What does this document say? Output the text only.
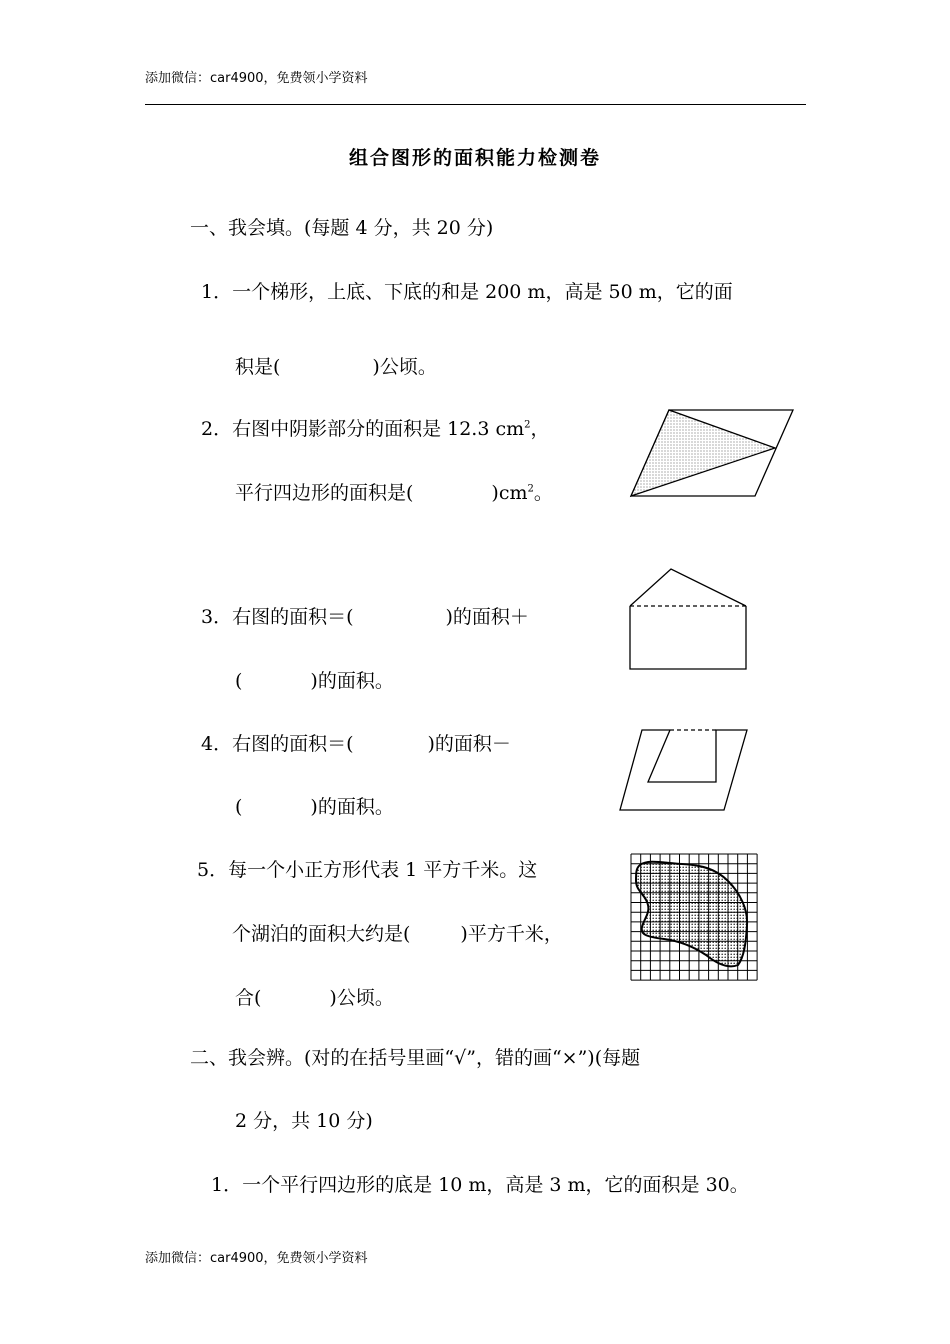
添加微信：car4900，免费领小学资料
组合图形的面积能力检测卷
一、我会填。(每题 4 分，共 20 分)
1．一个梯形，上底、下底的和是 200 m，高是 50 m，它的面
积是(	)公顷。
2．右图中阴影部分的面积是 12.3 $cm^2$，
平行四边形的面积是(	)$cm^2$。
3．右图的面积＝(	)的面积＋
(	)的面积。
4．右图的面积＝(	)的面积－
(	)的面积。
5．每一个小正方形代表 1 平方千米。这
个湖泊的面积大约是(	)平方千米，
合(	)公顷。
二、我会辨。(对的在括号里画“√”，错的画“×”)(每题
2 分，共 10 分)
1．一个平行四边形的底是 10 m，高是 3 m，它的面积是 30。
添加微信：car4900，免费领小学资料
